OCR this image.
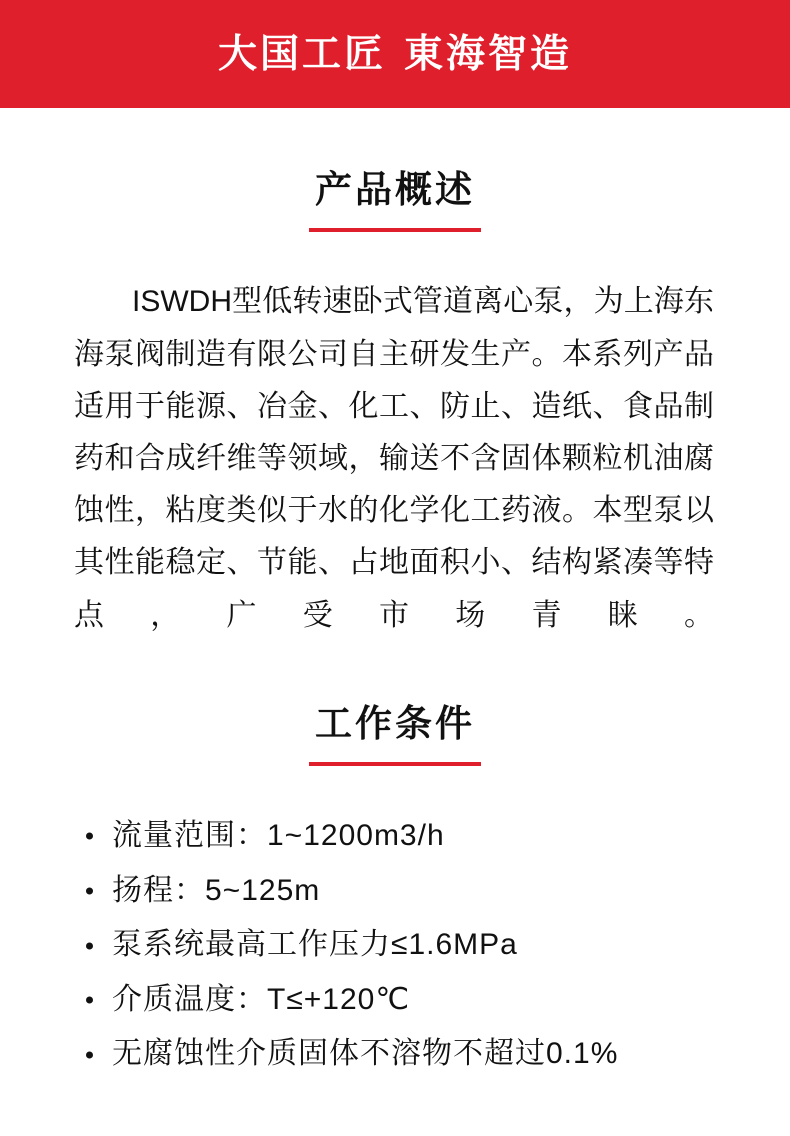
大国工匠 東海智造
产品概述

ISWDH型低转速卧式管道离心泵，为上海东海泵阀制造有限公司自主研发生产。本系列产品适用于能源、冶金、化工、防止、造纸、食品制药和合成纤维等领域，输送不含固体颗粒机油腐蚀性，粘度类似于水的化学化工药液。本型泵以其性能稳定、节能、占地面积小、结构紧凑等特点，广受市场青睐。

工作条件
流量范围：1~1200m3/h
扬程：5~125m
泵系统最高工作压力≤1.6MPa
介质温度：T≤+120℃
无腐蚀性介质固体不溶物不超过0.1%
